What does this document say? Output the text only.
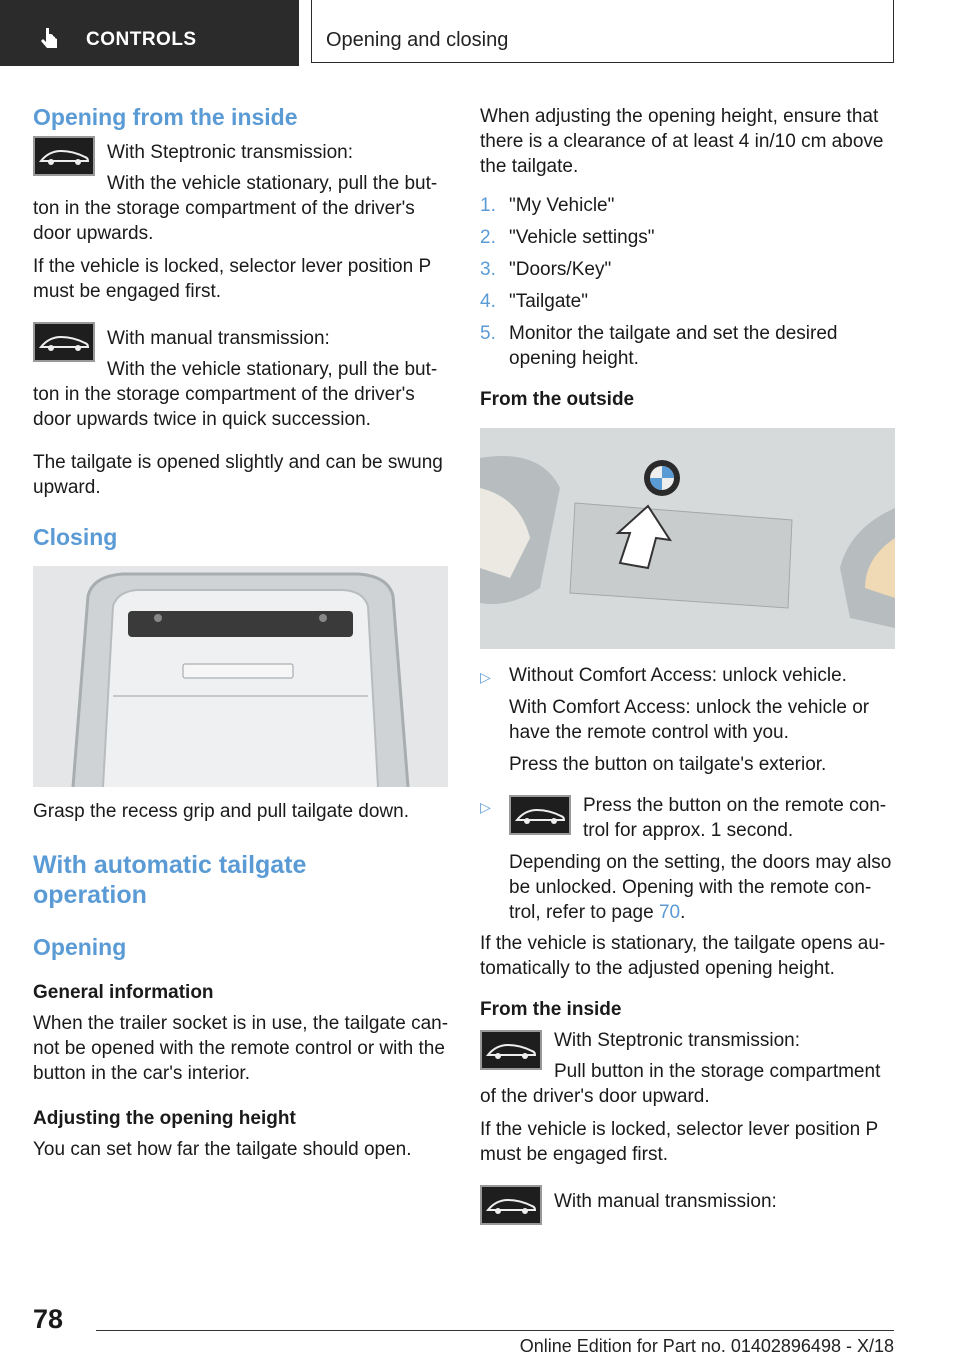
CONTROLS	Opening and closing
Opening from the inside

With Steptronic transmission:

With the vehicle stationary, pull the but‐

ton in the storage compartment of the driver's door upwards.

If the vehicle is locked, selector lever position P must be engaged first.

With manual transmission:

With the vehicle stationary, pull the but‐

ton in the storage compartment of the driver's door upwards twice in quick succession.

The tailgate is opened slightly and can be swung upward.

Closing

Grasp the recess grip and pull tailgate down.

With automatic tailgate operation
Opening
General information

When the trailer socket is in use, the tailgate can‐not be opened with the remote control or with the button in the car's interior.

Adjusting the opening height

You can set how far the tailgate should open.

When adjusting the opening height, ensure that there is a clearance of at least 4 in/10 cm above the tailgate.

1. "My Vehicle"
2. "Vehicle settings"
3. "Doors/Key"
4. "Tailgate"
5. Monitor the tailgate and set the desired opening height.
From the outside
▷ Without Comfort Access: unlock vehicle.
With Comfort Access: unlock the vehicle or have the remote control with you.
Press the button on tailgate's exterior.
▷	Press the button on the remote con‐trol for approx. 1 second.
Depending on the setting, the doors may also be unlocked. Opening with the remote con‐trol, refer to page 70.

If the vehicle is stationary, the tailgate opens au‐tomatically to the adjusted opening height.

From the inside

With Steptronic transmission:

Pull button in the storage compartment

of the driver's door upward.

If the vehicle is locked, selector lever position P must be engaged first.

With manual transmission:

78
Online Edition for Part no. 01402896498 - X/18
